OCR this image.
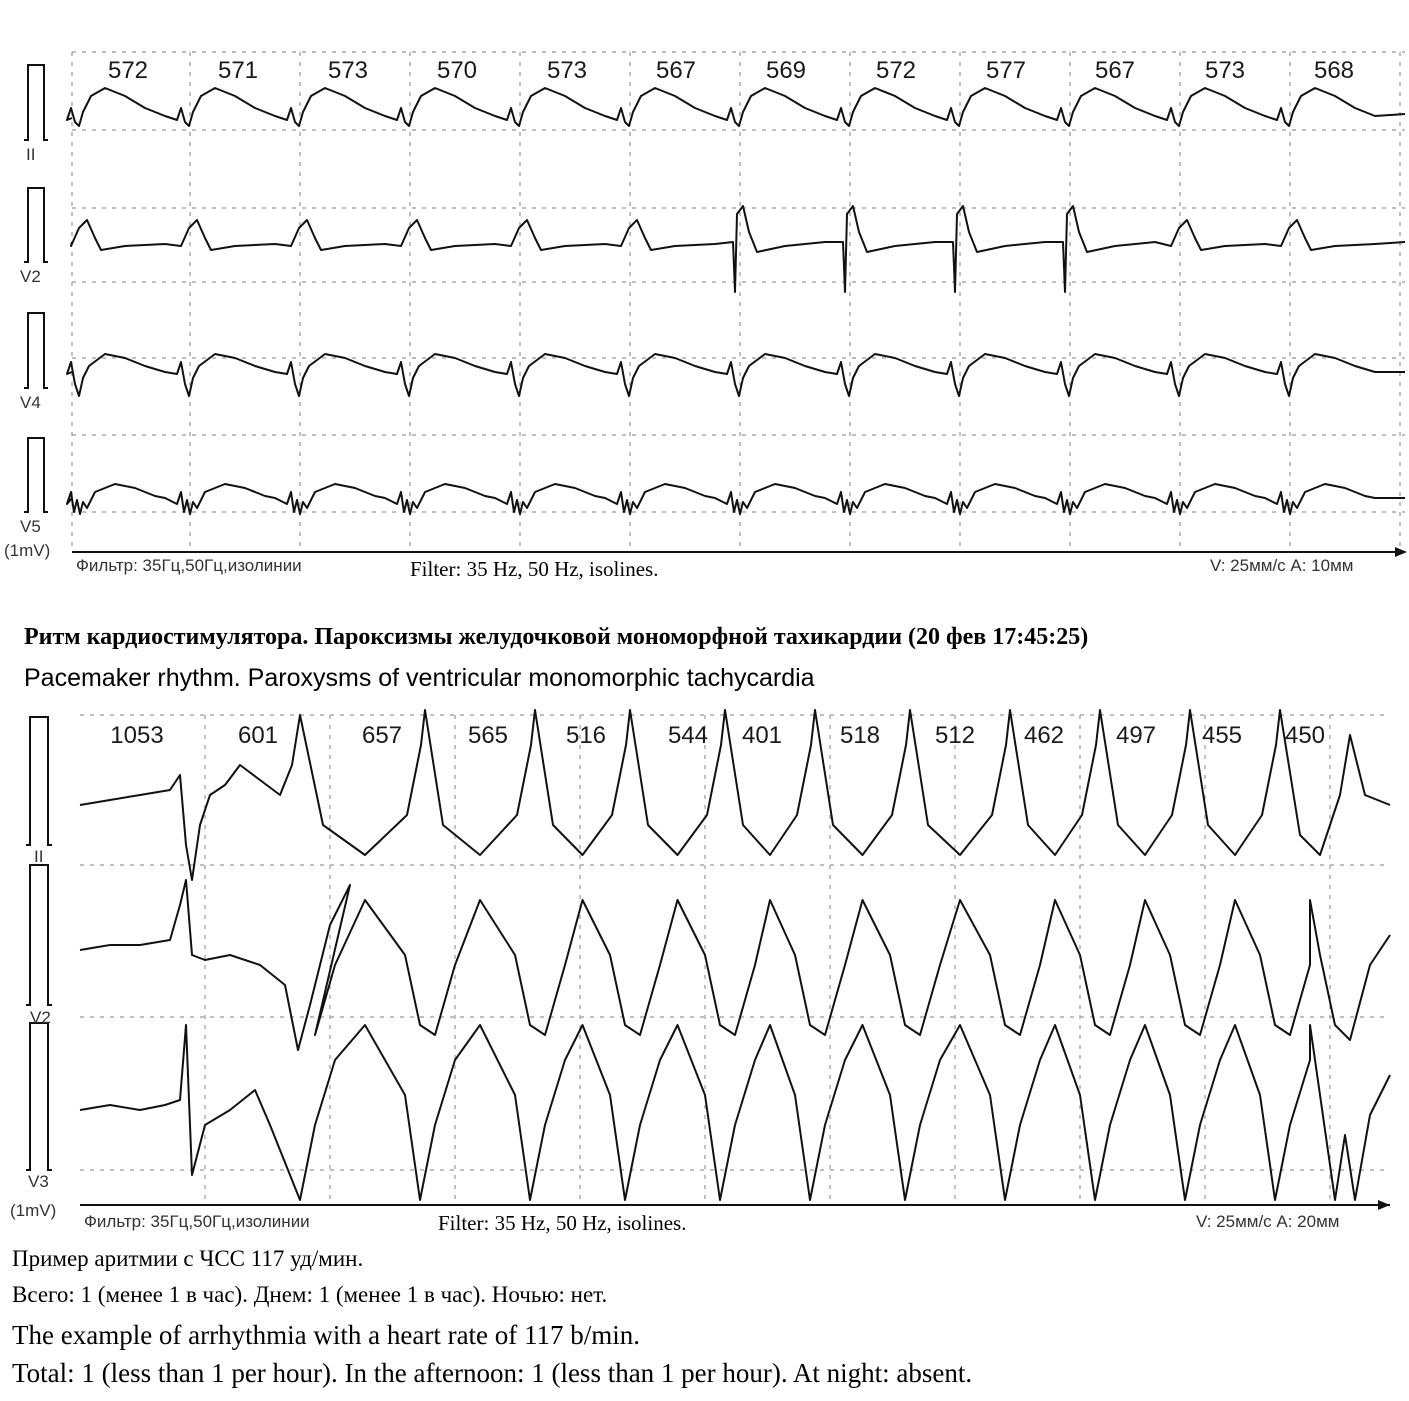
572	571	573	570	573	567	569	572	577	567	573	568
II
V2
V4
V5
(1mV)
Фильтр: 35Гц,50Гц,изолинии	Filter: 35 Hz, 50 Hz, isolines.	V: 25мм/с A: 10мм
Ритм кардиостимулятора. Пароксизмы желудочковой мономорфной тахикардии (20 фев 17:45:25)
Pacemaker rhythm. Paroxysms of ventricular monomorphic tachycardia
1053	601	657	565 516	544 401 518 512 462 497 455 450
II
V2
V3
(1mV)
Фильтр: 35Гц,50Гц,изолинии	Filter: 35 Hz, 50 Hz, isolines.	V: 25мм/с A: 20мм
Пример аритмии с ЧСС 117 уд/мин.
Всего: 1 (менее 1 в час). Днем: 1 (менее 1 в час). Ночью: нет.
The example of arrhythmia with a heart rate of 117 b/min.
Total: 1 (less than 1 per hour). In the afternoon: 1 (less than 1 per hour). At night: absent.
